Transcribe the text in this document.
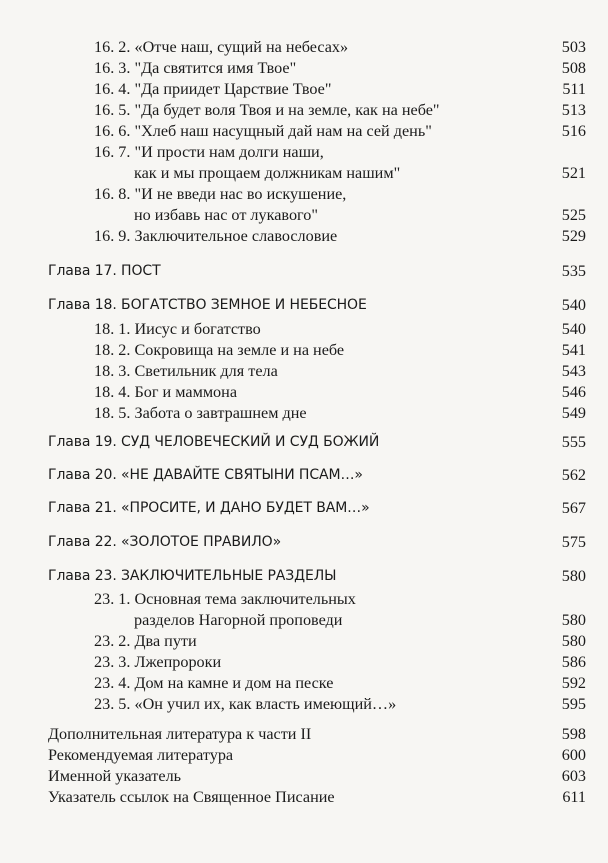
16. 2. «Отче наш, сущий на небесах»	503
16. 3. "Да святится имя Твое"	508
16. 4. "Да приидет Царствие Твое"	511
16. 5. "Да будет воля Твоя и на земле, как на небе"	513
16. 6. "Хлеб наш насущный дай нам на сей день"	516
16. 7. "И прости нам долги наши,
как и мы прощаем должникам нашим"	521
16. 8. "И не введи нас во искушение,
но избавь нас от лукавого"	525
16. 9. Заключительное славословие	529
Глава 17. ПОСТ	535
Глава 18. БОГАТСТВО ЗЕМНОЕ И НЕБЕСНОЕ	540
18. 1. Иисус и богатство	540
18. 2. Сокровища на земле и на небе	541
18. 3. Светильник для тела	543
18. 4. Бог и маммона	546
18. 5. Забота о завтрашнем дне	549
Глава 19. СУД ЧЕЛОВЕЧЕСКИЙ И СУД БОЖИЙ	555
Глава 20. «НЕ ДАВАЙТЕ СВЯТЫНИ ПСАМ…»	562
Глава 21. «ПРОСИТЕ, И ДАНО БУДЕТ ВАМ…»	567
Глава 22. «ЗОЛОТОЕ ПРАВИЛО»	575
Глава 23. ЗАКЛЮЧИТЕЛЬНЫЕ РАЗДЕЛЫ	580
23. 1. Основная тема заключительных
разделов Нагорной проповеди	580
23. 2. Два пути	580
23. 3. Лжепророки	586
23. 4. Дом на камне и дом на песке	592
23. 5. «Он учил их, как власть имеющий…»	595
Дополнительная литература к части II	598
Рекомендуемая литература	600
Именной указатель	603
Указатель ссылок на Священное Писание	611
